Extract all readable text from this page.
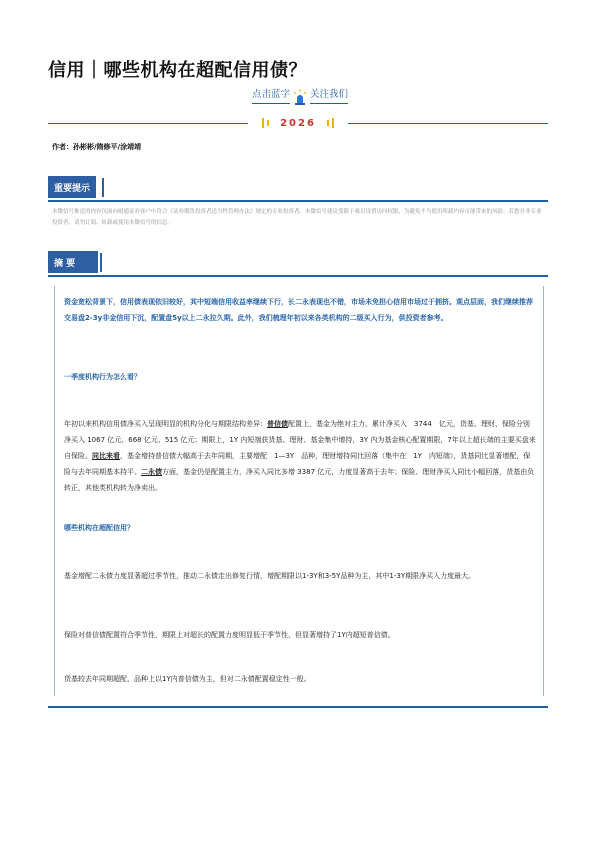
信用｜哪些机构在超配信用债？
点击蓝字 关注我们
2026
作者：孙彬彬/隋修平/涂靖靖
重要提示
本微信号推送的内容仅面向财通证券客户中符合《证券期货投资者适当性管理办法》规定的专业投资者。本微信号建议受限于难以设置访问权限，为避免不当使用所载内容可能带来的风险，若您并非专业投资者，请勿订阅、转载或使用本微信号的信息。
摘 要
资金宽松背景下，信用债表现依旧较好，其中短端信用收益率继续下行，长二永表现也不错，市场未免担心信用市场过于拥挤。观点层面，我们继续推荐交易盘2-3y非金信用下沉，配置盘5y以上二永拉久期。此外，我们梳理年初以来各类机构的二级买入行为，供投资者参考。
一季度机构行为怎么看？
年初以来机构信用债净买入呈现明显的机构分化与期限结构差异：普信债配置上，基金为绝对主力，累计净买入　3744　亿元，货基、理财、保险分别净买入 1067 亿元、668 亿元、515 亿元；期限上，1Y 内短端获货基、理财、基金集中增持，3Y 内为基金核心配置期限，7年以上超长端的主要买盘来自保险。同比来看，基金增持普信债大幅高于去年同期，主要增配　1—3Y　品种，理财增持同比回落（集中在　1Y　内短端），货基同比显著增配，保险与去年同期基本持平。二永债方面，基金仍是配置主力，净买入同比多增 3387 亿元，力度显著高于去年；保险、理财净买入同比小幅回落，货基由负转正，其他类机构转为净卖出。
哪些机构在超配信用？
基金增配二永债力度显著超过季节性，推动二永债走出修复行情，增配期限以1-3Y和3-5Y品种为主，其中1-3Y期限净买入力度最大。
保险对普信债配置符合季节性，期限上对超长的配置力度明显低于季节性，但显著增持了1Y内超短普信债。
货基较去年同期超配，品种上以1Y内普信债为主，但对二永债配置稳定性一般。
